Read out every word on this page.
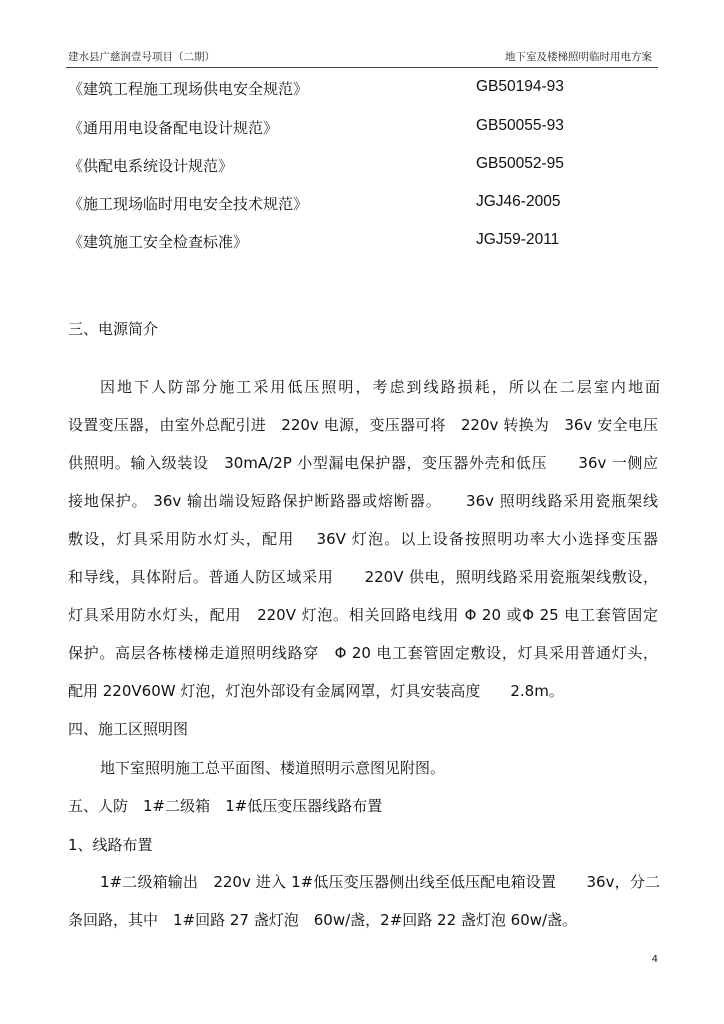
建水县广慈润壹号项目（二期）	地下室及楼梯照明临时用电方案
《建筑工程施工现场供电安全规范》	GB50194-93
《通用用电设备配电设计规范》	GB50055-93
《供配电系统设计规范》	GB50052-95
《施工现场临时用电安全技术规范》	JGJ46-2005
《建筑施工安全检查标准》	JGJ59-2011
三、电源简介
因地下人防部分施工采用低压照明，考虑到线路损耗，所以在二层室内地面
设置变压器，由室外总配引进　220v 电源，变压器可将　220v 转换为　36v 安全电压
供照明。输入级装设　30mA/2P 小型漏电保护器，变压器外壳和低压　　36v 一侧应
接地保护。 36v 输出端设短路保护断路器或熔断器。　　36v 照明线路采用瓷瓶架线
敷设，灯具采用防水灯头，配用　 36V 灯泡。以上设备按照明功率大小选择变压器
和导线，具体附后。普通人防区域采用　　220V 供电，照明线路采用瓷瓶架线敷设，
灯具采用防水灯头，配用　220V 灯泡。相关回路电线用 Φ 20 或Φ 25 电工套管固定
保护。高层各栋楼梯走道照明线路穿　Φ 20 电工套管固定敷设，灯具采用普通灯头，
配用 220V60W 灯泡，灯泡外部设有金属网罩，灯具安装高度　　2.8m。
四、施工区照明图
地下室照明施工总平面图、楼道照明示意图见附图。
五、人防　1#二级箱　1#低压变压器线路布置
1、线路布置
1#二级箱输出　220v 进入 1#低压变压器侧出线至低压配电箱设置　　36v，分二
条回路，其中　1#回路 27 盏灯泡　60w/盏，2#回路 22 盏灯泡 60w/盏。
4
